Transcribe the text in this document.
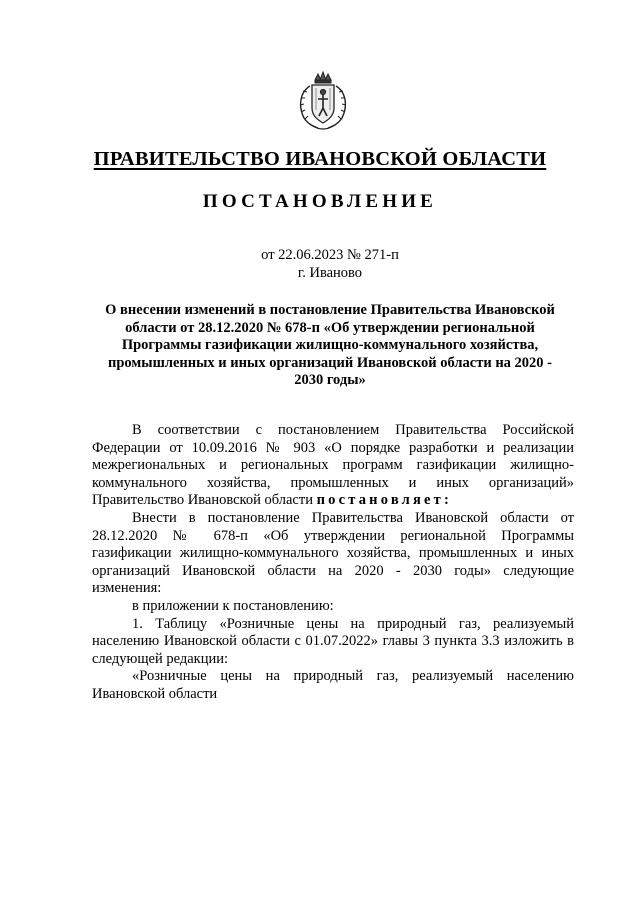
ПРАВИТЕЛЬСТВО ИВАНОВСКОЙ ОБЛАСТИ
ПОСТАНОВЛЕНИЕ
от 22.06.2023 № 271-п
г. Иваново
О внесении изменений в постановление Правительства Ивановской области от 28.12.2020 № 678-п «Об утверждении региональной Программы газификации жилищно-коммунального хозяйства, промышленных и иных организаций Ивановской области на 2020 - 2030 годы»

В соответствии с постановлением Правительства Российской Федерации от 10.09.2016 № 903 «О порядке разработки и реализации межрегиональных и региональных программ газификации жилищно-коммунального хозяйства, промышленных и иных организаций» Правительство Ивановской области постановляет:

Внести в постановление Правительства Ивановской области от 28.12.2020 № 678-п «Об утверждении региональной Программы газификации жилищно-коммунального хозяйства, промышленных и иных организаций Ивановской области на 2020 - 2030 годы» следующие изменения:

в приложении к постановлению:

1. Таблицу «Розничные цены на природный газ, реализуемый населению Ивановской области с 01.07.2022» главы 3 пункта 3.3 изложить в следующей редакции:

«Розничные цены на природный газ, реализуемый населению Ивановской области
